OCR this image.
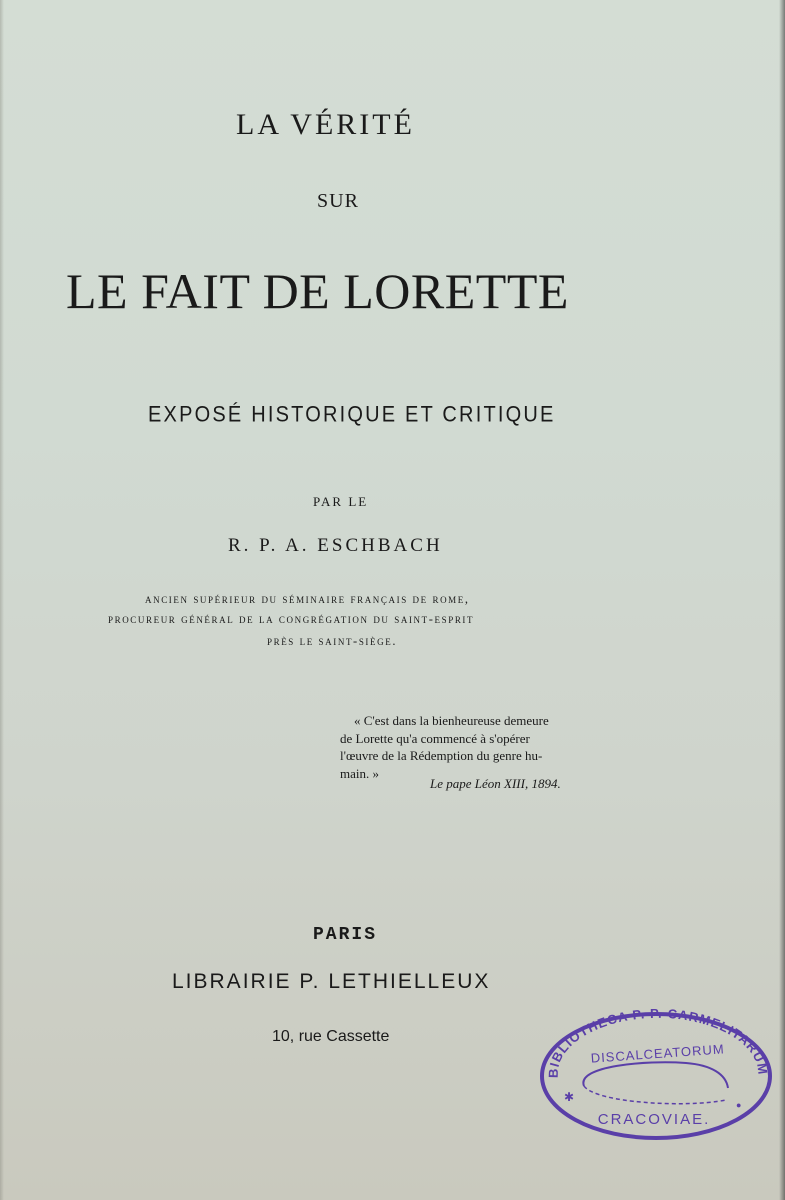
LA VÉRITÉ
SUR
LE FAIT DE LORETTE
EXPOSÉ HISTORIQUE ET CRITIQUE
PAR LE
R. P. A. ESCHBACH
ancien supérieur du séminaire français de rome,
procureur général de la congrégation du saint-esprit
près le saint-siège.
« C'est dans la bienheureuse demeure
de Lorette qu'a commencé à s'opérer
l'œuvre de la Rédemption du genre hu-
main. »
Le pape Léon XIII, 1894.
PARIS
LIBRAIRIE P. LETHIELLEUX
10, rue Cassette
BIBLIOTHECA P. P. CARMELITARUM
DISCALCEATORUM
CRACOVIAE.
✱
●
